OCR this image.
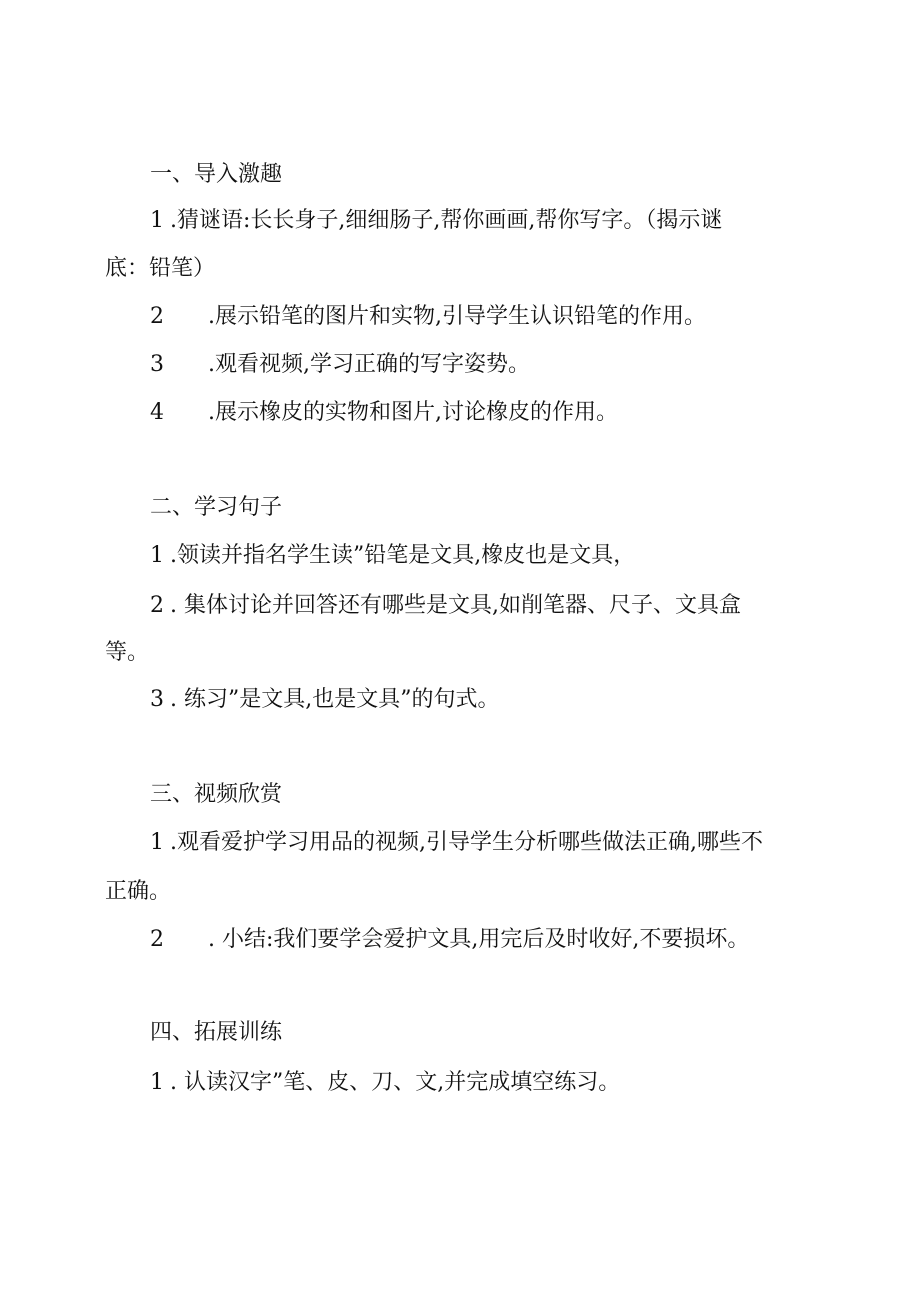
一、导入激趣
1 .猜谜语:长长身子,细细肠子,帮你画画,帮你写字。（揭示谜
底：铅笔）
2 .展示铅笔的图片和实物,引导学生认识铅笔的作用。
3 .观看视频,学习正确的写字姿势。
4 .展示橡皮的实物和图片,讨论橡皮的作用。
二、学习句子
1 .领读并指名学生读”铅笔是文具,橡皮也是文具，
2 . 集体讨论并回答还有哪些是文具,如削笔器、尺子、文具盒
等。
3 . 练习”是文具,也是文具”的句式。
三、视频欣赏
1 .观看爱护学习用品的视频,引导学生分析哪些做法正确,哪些不
正确。
2 . 小结:我们要学会爱护文具,用完后及时收好,不要损坏。
四、拓展训练
1 . 认读汉字”笔、皮、刀、文,并完成填空练习。
